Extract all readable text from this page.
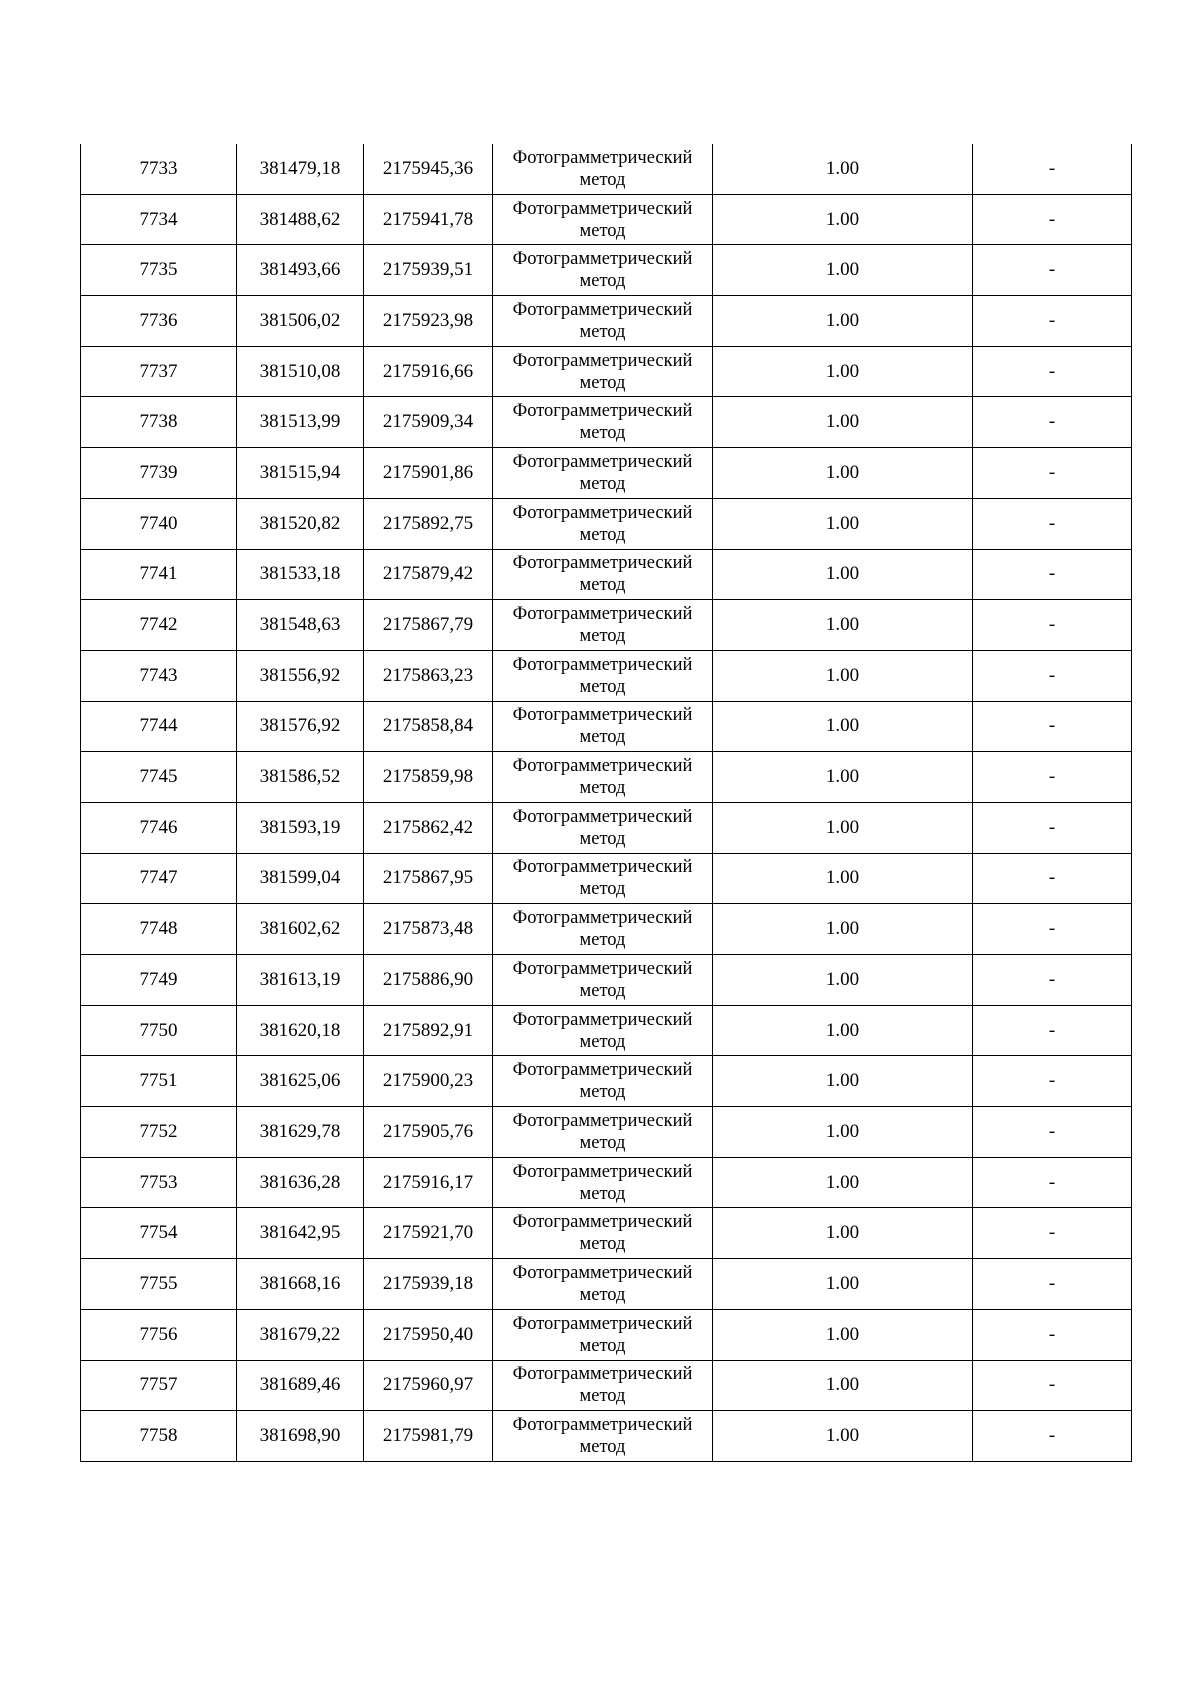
7733	381479,18	2175945,36	Фотограмметрический
метод	1.00	-
7734	381488,62	2175941,78	Фотограмметрический
метод	1.00	-
7735	381493,66	2175939,51	Фотограмметрический
метод	1.00	-
7736	381506,02	2175923,98	Фотограмметрический
метод	1.00	-
7737	381510,08	2175916,66	Фотограмметрический
метод	1.00	-
7738	381513,99	2175909,34	Фотограмметрический
метод	1.00	-
7739	381515,94	2175901,86	Фотограмметрический
метод	1.00	-
7740	381520,82	2175892,75	Фотограмметрический
метод	1.00	-
7741	381533,18	2175879,42	Фотограмметрический
метод	1.00	-
7742	381548,63	2175867,79	Фотограмметрический
метод	1.00	-
7743	381556,92	2175863,23	Фотограмметрический
метод	1.00	-
7744	381576,92	2175858,84	Фотограмметрический
метод	1.00	-
7745	381586,52	2175859,98	Фотограмметрический
метод	1.00	-
7746	381593,19	2175862,42	Фотограмметрический
метод	1.00	-
7747	381599,04	2175867,95	Фотограмметрический
метод	1.00	-
7748	381602,62	2175873,48	Фотограмметрический
метод	1.00	-
7749	381613,19	2175886,90	Фотограмметрический
метод	1.00	-
7750	381620,18	2175892,91	Фотограмметрический
метод	1.00	-
7751	381625,06	2175900,23	Фотограмметрический
метод	1.00	-
7752	381629,78	2175905,76	Фотограмметрический
метод	1.00	-
7753	381636,28	2175916,17	Фотограмметрический
метод	1.00	-
7754	381642,95	2175921,70	Фотограмметрический
метод	1.00	-
7755	381668,16	2175939,18	Фотограмметрический
метод	1.00	-
7756	381679,22	2175950,40	Фотограмметрический
метод	1.00	-
7757	381689,46	2175960,97	Фотограмметрический
метод	1.00	-
7758	381698,90	2175981,79	Фотограмметрический
метод	1.00	-
